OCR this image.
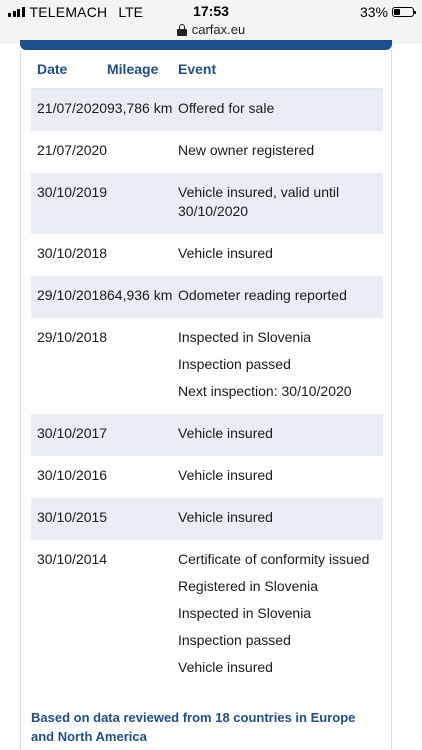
TELEMACH LTE	17:53	33%
carfax.eu
Date	Mileage	Event
21/07/2020 93,786 km Offered for sale
21/07/2020	New owner registered
30/10/2019	Vehicle insured, valid until 30/10/2020
30/10/2018	Vehicle insured
29/10/2018 64,936 km Odometer reading reported
29/10/2018	Inspected in Slovenia
Inspection passed
Next inspection: 30/10/2020
30/10/2017	Vehicle insured
30/10/2016	Vehicle insured
30/10/2015	Vehicle insured
30/10/2014	Certificate of conformity issued
Registered in Slovenia
Inspected in Slovenia
Inspection passed
Vehicle insured
Based on data reviewed from 18 countries in Europe and North America
